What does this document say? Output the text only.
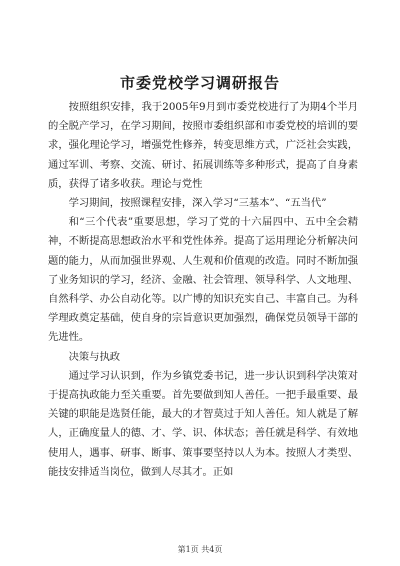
市委党校学习调研报告

按照组织安排，我于2005年9月到市委党校进行了为期4个半月的全脱产学习，在学习期间，按照市委组织部和市委党校的培训的要求，强化理论学习，增强党性修养，转变思维方式，广泛社会实践，通过军训、考察、交流、研讨、拓展训练等多种形式，提高了自身素质，获得了诸多收获。理论与党性

学习期间，按照课程安排，深入学习“三基本”、“五当代”

和“三个代表”重要思想，学习了党的十六届四中、五中全会精神，不断提高思想政治水平和党性体养。提高了运用理论分析解决问题的能力，从而加强世界观、人生观和价值观的改造。同时不断加强了业务知识的学习，经济、金融、社会管理、领导科学、人文地理、自然科学、办公自动化等。以广博的知识充实自己、丰富自己。为科学理政奠定基础，使自身的宗旨意识更加强烈，确保党员领导干部的先进性。

决策与执政

通过学习认识到，作为乡镇党委书记，进一步认识到科学决策对于提高执政能力至关重要。首先要做到知人善任。一把手最重要、最关键的职能是选贤任能，最大的才智莫过于知人善任。知人就是了解人，正确度量人的德、才、学、识、体状态；善任就是科学、有效地使用人，遇事、研事、断事、策事要坚持以人为本。按照人才类型、能技安排适当岗位，做到人尽其才。正如

第1页 共4页
